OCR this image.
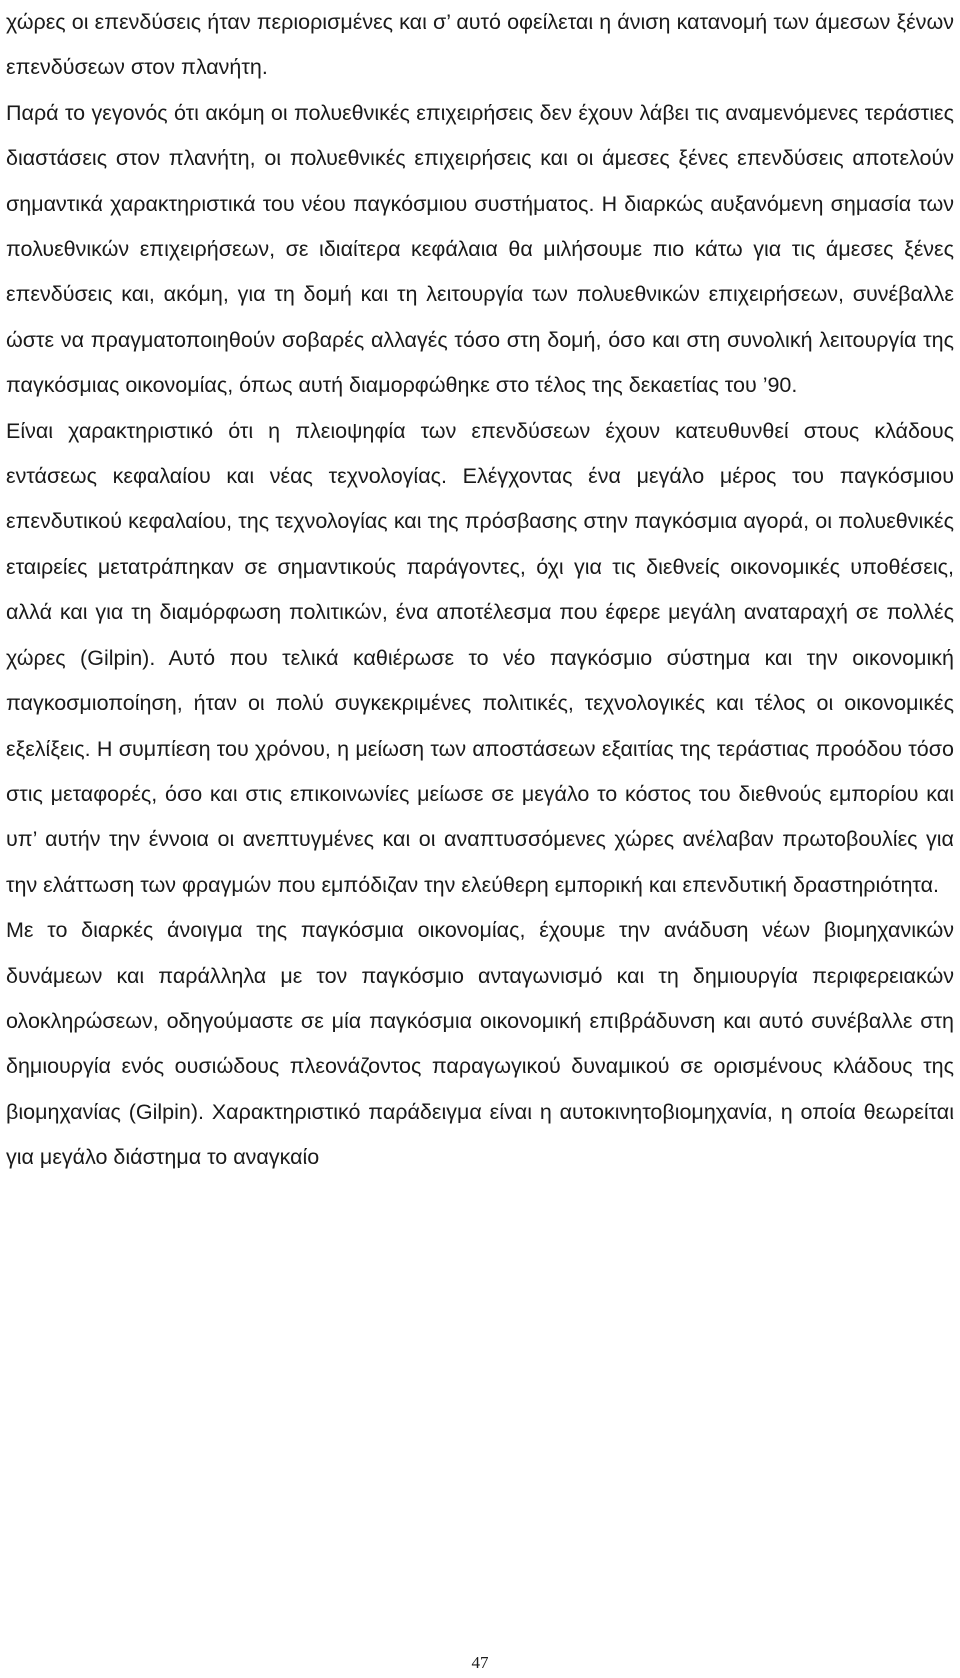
χώρες οι επενδύσεις ήταν περιορισμένες και σ’ αυτό οφείλεται η άνιση κατανομή των άμεσων ξένων επενδύσεων στον πλανήτη.

Παρά το γεγονός ότι ακόμη οι πολυεθνικές επιχειρήσεις δεν έχουν λάβει τις αναμενόμενες τεράστιες διαστάσεις στον πλανήτη, οι πολυεθνικές επιχειρήσεις και οι άμεσες ξένες επενδύσεις αποτελούν σημαντικά χαρακτηριστικά του νέου παγκόσμιου συστήματος. Η διαρκώς αυξανόμενη σημασία των πολυεθνικών επιχειρήσεων, σε ιδιαίτερα κεφάλαια θα μιλήσουμε πιο κάτω για τις άμεσες ξένες επενδύσεις και, ακόμη, για τη δομή και τη λειτουργία των πολυεθνικών επιχειρήσεων, συνέβαλλε ώστε να πραγματοποιηθούν σοβαρές αλλαγές τόσο στη δομή, όσο και στη συνολική λειτουργία της παγκόσμιας οικονομίας, όπως αυτή διαμορφώθηκε στο τέλος της δεκαετίας του ’90.

Είναι χαρακτηριστικό ότι η πλειοψηφία των επενδύσεων έχουν κατευθυνθεί στους κλάδους εντάσεως κεφαλαίου και νέας τεχνολογίας. Ελέγχοντας ένα μεγάλο μέρος του παγκόσμιου επενδυτικού κεφαλαίου, της τεχνολογίας και της πρόσβασης στην παγκόσμια αγορά, οι πολυεθνικές εταιρείες μετατράπηκαν σε σημαντικούς παράγοντες, όχι για τις διεθνείς οικονομικές υποθέσεις, αλλά και για τη διαμόρφωση πολιτικών, ένα αποτέλεσμα που έφερε μεγάλη αναταραχή σε πολλές χώρες (Gilpin). Αυτό που τελικά καθιέρωσε το νέο παγκόσμιο σύστημα και την οικονομική παγκοσμιοποίηση, ήταν οι πολύ συγκεκριμένες πολιτικές, τεχνολογικές και τέλος οι οικονομικές εξελίξεις. Η συμπίεση του χρόνου, η μείωση των αποστάσεων εξαιτίας της τεράστιας προόδου τόσο στις μεταφορές, όσο και στις επικοινωνίες μείωσε σε μεγάλο το κόστος του διεθνούς εμπορίου και υπ’ αυτήν την έννοια οι ανεπτυγμένες και οι αναπτυσσόμενες χώρες ανέλαβαν πρωτοβουλίες για την ελάττωση των φραγμών που εμπόδιζαν την ελεύθερη εμπορική και επενδυτική δραστηριότητα.

Με το διαρκές άνοιγμα της παγκόσμια οικονομίας, έχουμε την ανάδυση νέων βιομηχανικών δυνάμεων και παράλληλα με τον παγκόσμιο ανταγωνισμό και τη δημιουργία περιφερειακών ολοκληρώσεων, οδηγούμαστε σε μία παγκόσμια οικονομική επιβράδυνση και αυτό συνέβαλλε στη δημιουργία ενός ουσιώδους πλεονάζοντος παραγωγικού δυναμικού σε ορισμένους κλάδους της βιομηχανίας (Gilpin). Χαρακτηριστικό παράδειγμα είναι η αυτοκινητοβιομηχανία, η οποία θεωρείται για μεγάλο διάστημα το αναγκαίο

47
